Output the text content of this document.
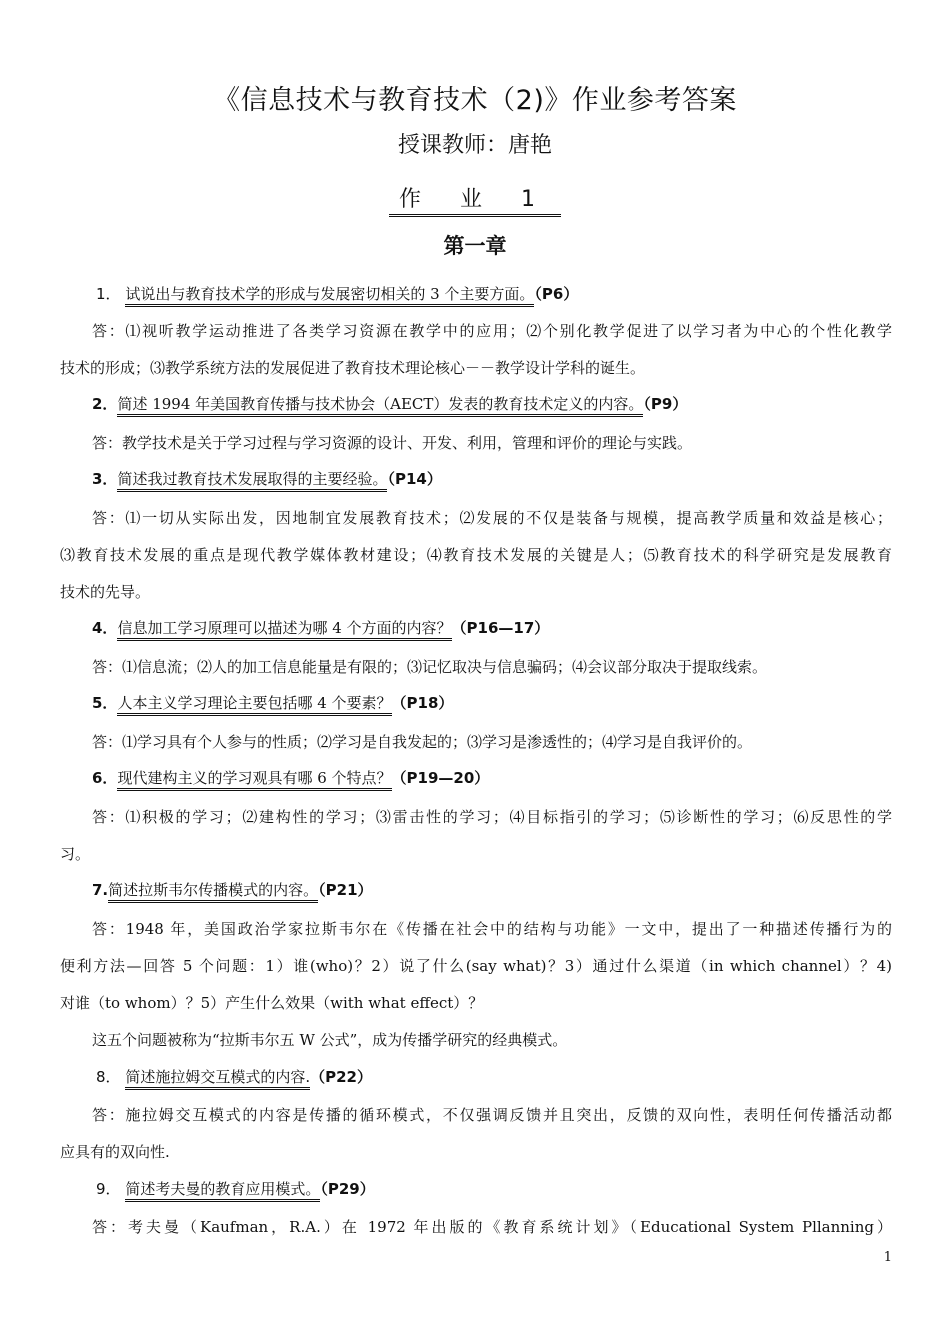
《信息技术与教育技术（2)》作业参考答案
授课教师：唐艳
作 业 1
第一章
1． 试说出与教育技术学的形成与发展密切相关的 3 个主要方面。（P6）
答：⑴视听教学运动推进了各类学习资源在教学中的应用；⑵个别化教学促进了以学习者为中心的个性化教学
技术的形成；⑶教学系统方法的发展促进了教育技术理论核心－－教学设计学科的诞生。
2．简述 1994 年美国教育传播与技术协会（AECT）发表的教育技术定义的内容。（P9）
答：教学技术是关于学习过程与学习资源的设计、开发、利用，管理和评价的理论与实践。
3．简述我过教育技术发展取得的主要经验。（P14）
答：⑴一切从实际出发，因地制宜发展教育技术；⑵发展的不仅是装备与规模，提高教学质量和效益是核心；
⑶教育技术发展的重点是现代教学媒体教材建设；⑷教育技术发展的关键是人；⑸教育技术的科学研究是发展教育
技术的先导。
4．信息加工学习原理可以描述为哪 4 个方面的内容？（P16—17）
答：⑴信息流；⑵人的加工信息能量是有限的；⑶记忆取决与信息骗码；⑷会议部分取决于提取线索。
5．人本主义学习理论主要包括哪 4 个要素？（P18）
答：⑴学习具有个人参与的性质；⑵学习是自我发起的；⑶学习是渗透性的；⑷学习是自我评价的。
6．现代建构主义的学习观具有哪 6 个特点？（P19—20）
答：⑴积极的学习；⑵建构性的学习；⑶雷击性的学习；⑷目标指引的学习；⑸诊断性的学习；⑹反思性的学
习。
7.简述拉斯韦尔传播模式的内容。（P21）
答：1948 年，美国政治学家拉斯韦尔在《传播在社会中的结构与功能》一文中，提出了一种描述传播行为的
便利方法—回答 5 个问题：1）谁(who)？2）说了什么(say what)？3）通过什么渠道（in which channel）？4)
对谁（to whom）？5）产生什么效果（with what effect）？
这五个问题被称为“拉斯韦尔五 W 公式”，成为传播学研究的经典模式。
8． 简述施拉姆交互模式的内容.（P22）
答：施拉姆交互模式的内容是传播的循环模式，不仅强调反馈并且突出，反馈的双向性，表明任何传播活动都
应具有的双向性.
9． 简述考夫曼的教育应用模式。（P29）
答：考夫曼（Kaufman，R.A.）在 1972 年出版的《教育系统计划》（Educational System Pllanning）
1
